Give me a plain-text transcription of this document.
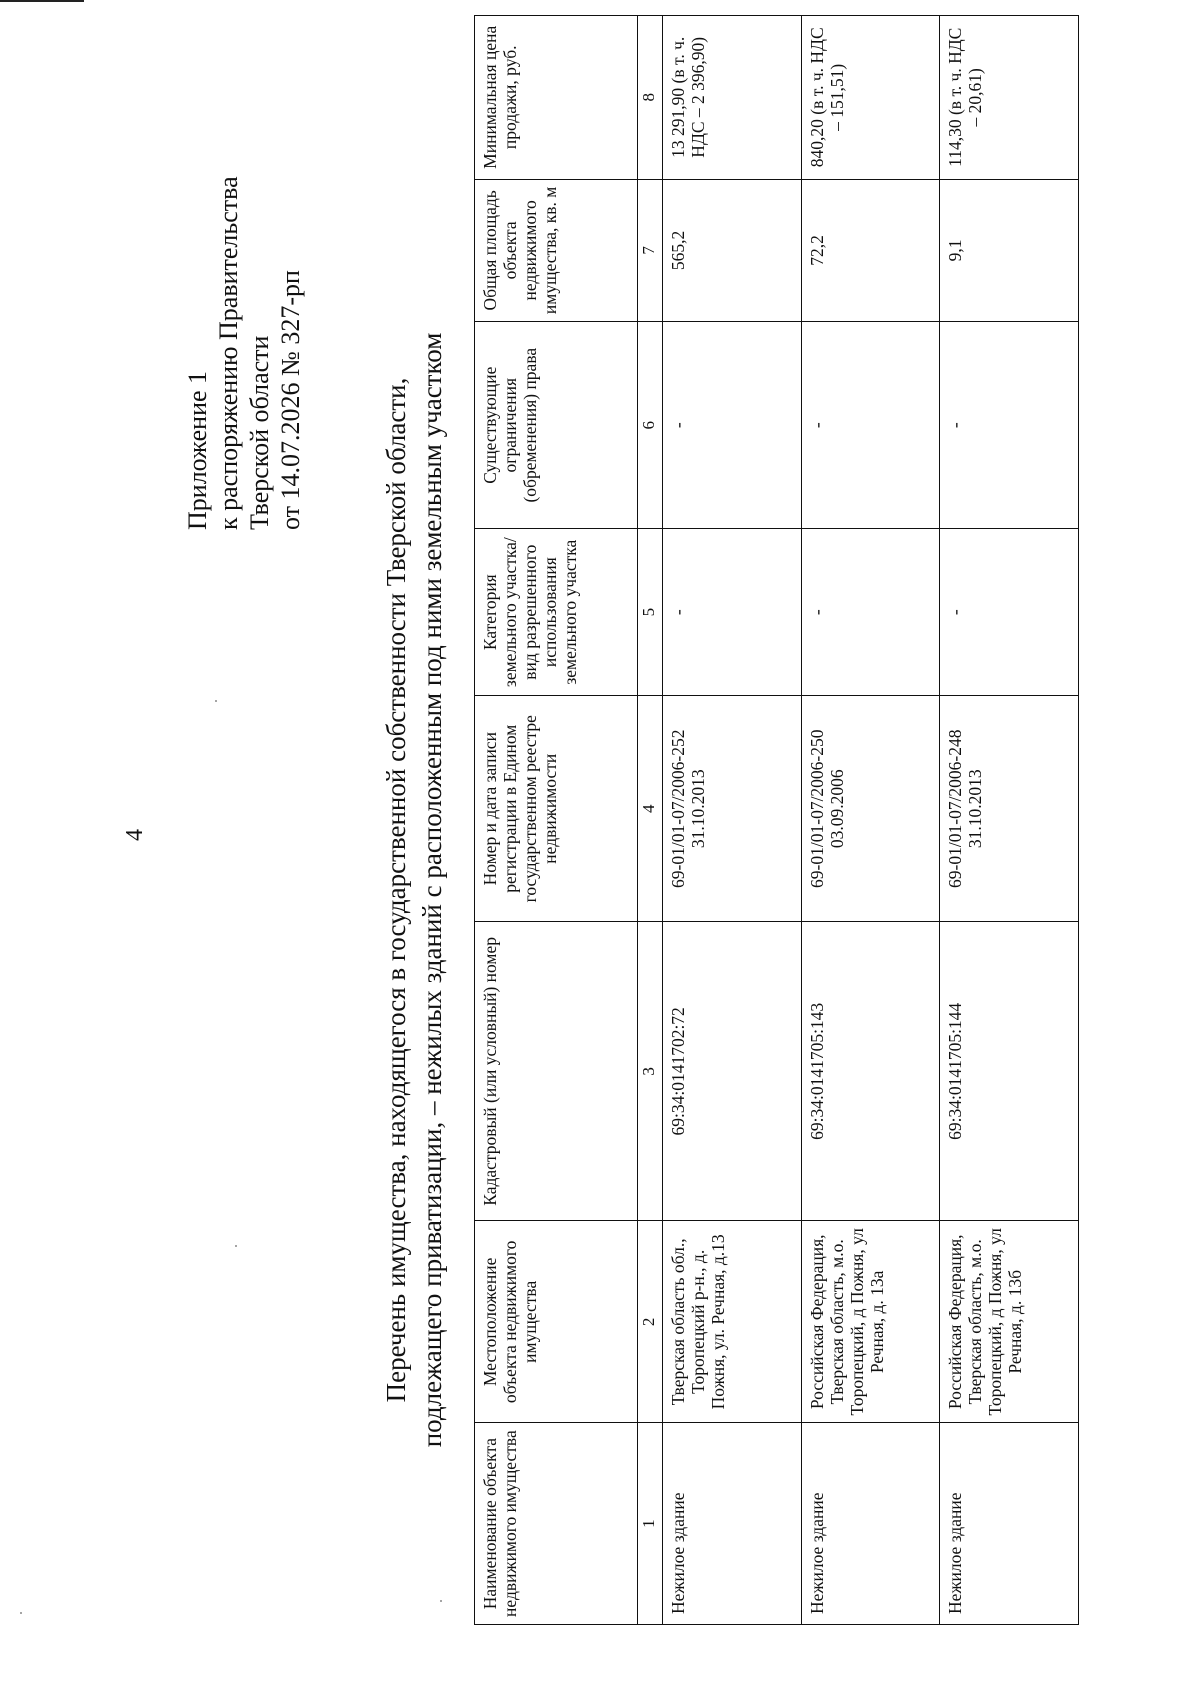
4
Приложение 1 к распоряжению Правительства Тверской области от 14.07.2026 № 327-рп	Перечень имущества, находящегося в государственной собственности Тверской области, подлежащего приватизации, – нежилых зданий с расположенным под ними земельным участком
Наименование объекта недвижимого имущества	Местоположение объекта недвижимого имущества	Кадастровый (или условный) номер	Номер и дата записи регистрации в Едином государственном реестре недвижимости	Категория земельного участка/вид разрешенного использования земельного участка	Существующие ограничения (обременения) права	Общая площадь объекта недвижимого имущества, кв. м	Минимальная цена продажи, руб.
1	2	3	4	5	6	7	8
Нежилое здание	Тверская область обл., Торопецкий р-н., д. Пожня, ул. Речная, д.13	69:34:0141702:72	69-01/01-07/2006-252 31.10.2013	-	-	565,2	13 291,90 (в т. ч. НДС – 2 396,90)
Нежилое здание	Российская Федерация, Тверская область, м.о. Торопецкий, д Пожня, ул Речная, д. 13а	69:34:0141705:143	69-01/01-07/2006-250 03.09.2006	-	-	72,2	840,20 (в т. ч. НДС – 151,51)
Нежилое здание	Российская Федерация, Тверская область, м.о. Торопецкий, д Пожня, ул Речная, д. 13б	69:34:0141705:144	69-01/01-07/2006-248 31.10.2013	-	-	9,1	114,30 (в т. ч. НДС – 20,61)
